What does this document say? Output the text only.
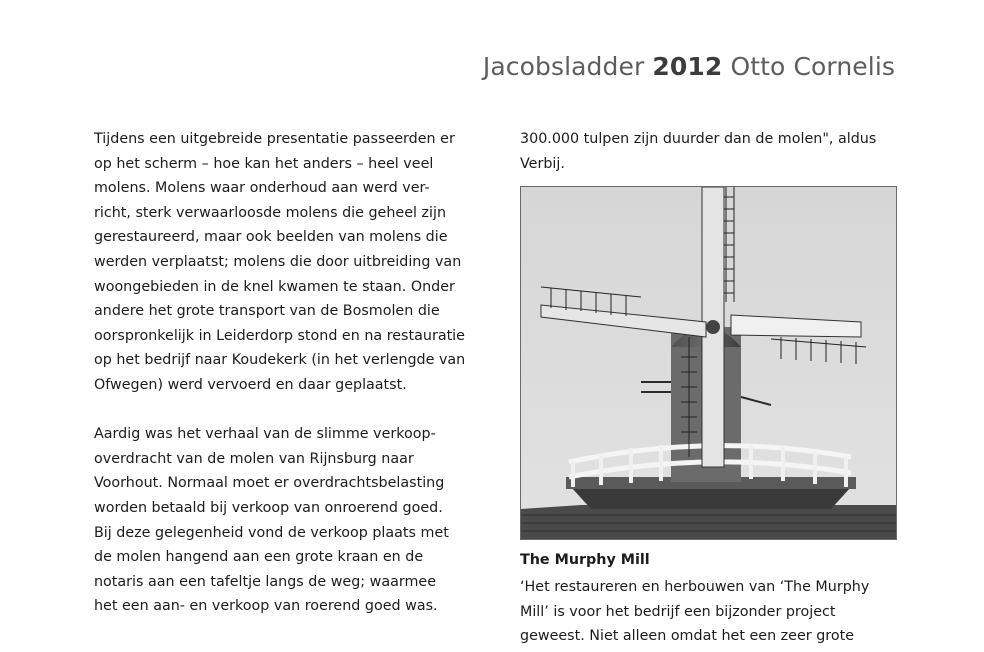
Jacobsladder 2012 Otto Cornelis

Tijdens een uitgebreide presentatie passeerden er

op het scherm – hoe kan het anders – heel veel

molens. Molens waar onderhoud aan werd ver-

richt, sterk verwaarloosde molens die geheel zijn

gerestaureerd, maar ook beelden van molens die

werden verplaatst; molens die door uitbreiding van

woongebieden in de knel kwamen te staan. Onder

andere het grote transport van de Bosmolen die

oorspronkelijk in Leiderdorp stond en na restauratie

op het bedrijf naar Koudekerk (in het verlengde van

Ofwegen) werd vervoerd en daar geplaatst.

Aardig was het verhaal van de slimme verkoop-

overdracht van de molen van Rijnsburg naar

Voorhout. Normaal moet er overdrachtsbelasting

worden betaald bij verkoop van onroerend goed.

Bij deze gelegenheid vond de verkoop plaats met

de molen hangend aan een grote kraan en de

notaris aan een tafeltje langs de weg; waarmee

het een aan- en verkoop van roerend goed was.

300.000 tulpen zijn duurder dan de molen", aldus

Verbij.

The Murphy Mill

‘Het restaureren en herbouwen van ‘The Murphy

Mill’ is voor het bedrijf een bijzonder project

geweest. Niet alleen omdat het een zeer grote
